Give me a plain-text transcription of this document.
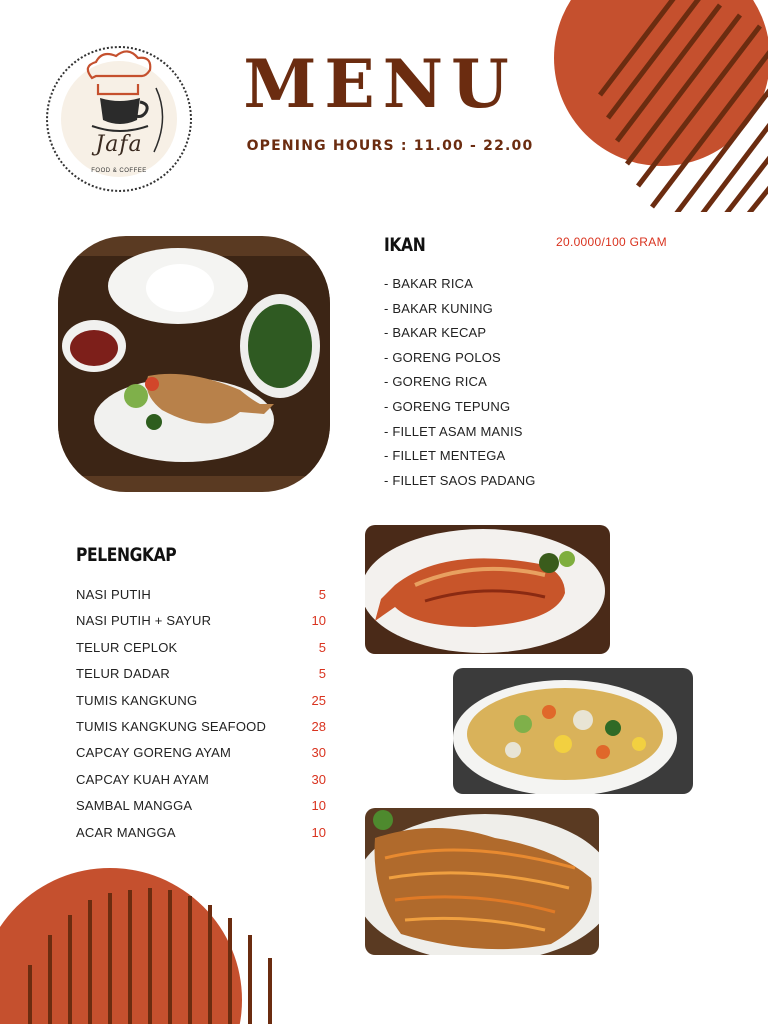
Jafa
FOOD & COFFEE
MENU
OPENING HOURS : 11.00 - 22.00
IKAN	20.0000/100 GRAM
- BAKAR RICA
- BAKAR KUNING
- BAKAR KECAP
- GORENG POLOS
- GORENG RICA
- GORENG TEPUNG
- FILLET ASAM MANIS
- FILLET MENTEGA
- FILLET SAOS PADANG
PELENGKAP
NASI PUTIH	5
NASI PUTIH + SAYUR	10
TELUR CEPLOK	5
TELUR DADAR	5
TUMIS KANGKUNG	25
TUMIS KANGKUNG SEAFOOD	28
CAPCAY GORENG AYAM	30
CAPCAY KUAH AYAM	30
SAMBAL MANGGA	10
ACAR MANGGA	10
